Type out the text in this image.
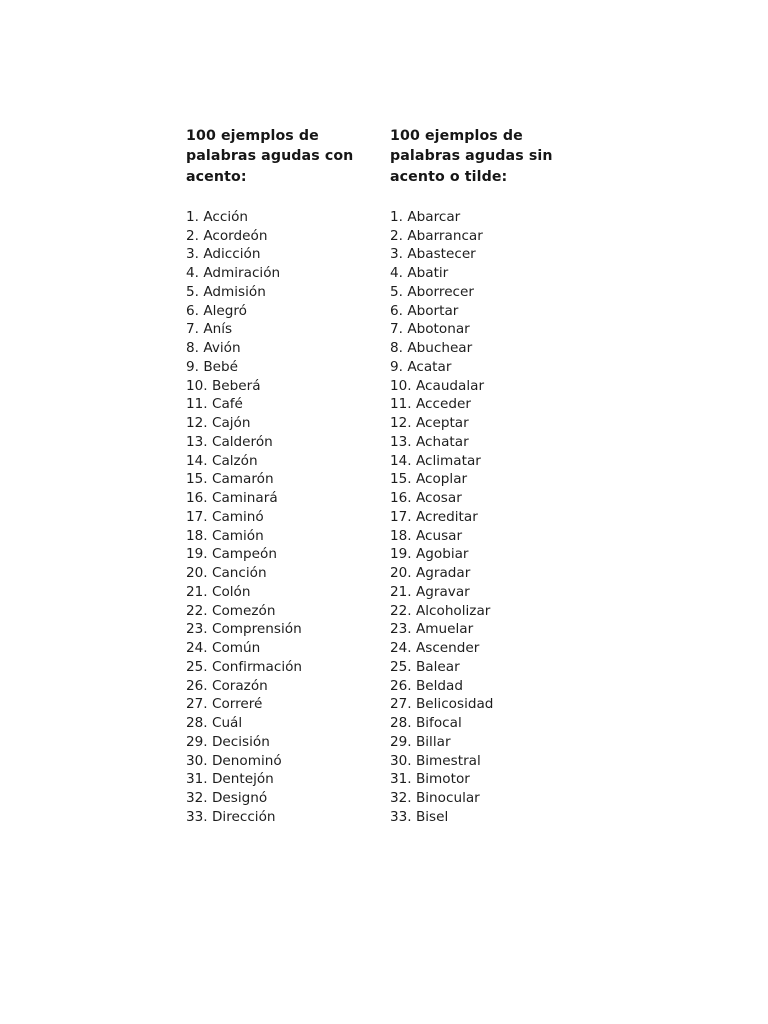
100 ejemplos de palabras agudas con acento:
1. Acción
2. Acordeón
3. Adicción
4. Admiración
5. Admisión
6. Alegró
7. Anís
8. Avión
9. Bebé
10. Beberá
11. Café
12. Cajón
13. Calderón
14. Calzón
15. Camarón
16. Caminará
17. Caminó
18. Camión
19. Campeón
20. Canción
21. Colón
22. Comezón
23. Comprensión
24. Común
25. Confirmación
26. Corazón
27. Correré
28. Cuál
29. Decisión
30. Denominó
31. Dentejón
32. Designó
33. Dirección
100 ejemplos de palabras agudas sin acento o tilde:
1. Abarcar
2. Abarrancar
3. Abastecer
4. Abatir
5. Aborrecer
6. Abortar
7. Abotonar
8. Abuchear
9. Acatar
10. Acaudalar
11. Acceder
12. Aceptar
13. Achatar
14. Aclimatar
15. Acoplar
16. Acosar
17. Acreditar
18. Acusar
19. Agobiar
20. Agradar
21. Agravar
22. Alcoholizar
23. Amuelar
24. Ascender
25. Balear
26. Beldad
27. Belicosidad
28. Bifocal
29. Billar
30. Bimestral
31. Bimotor
32. Binocular
33. Bisel
